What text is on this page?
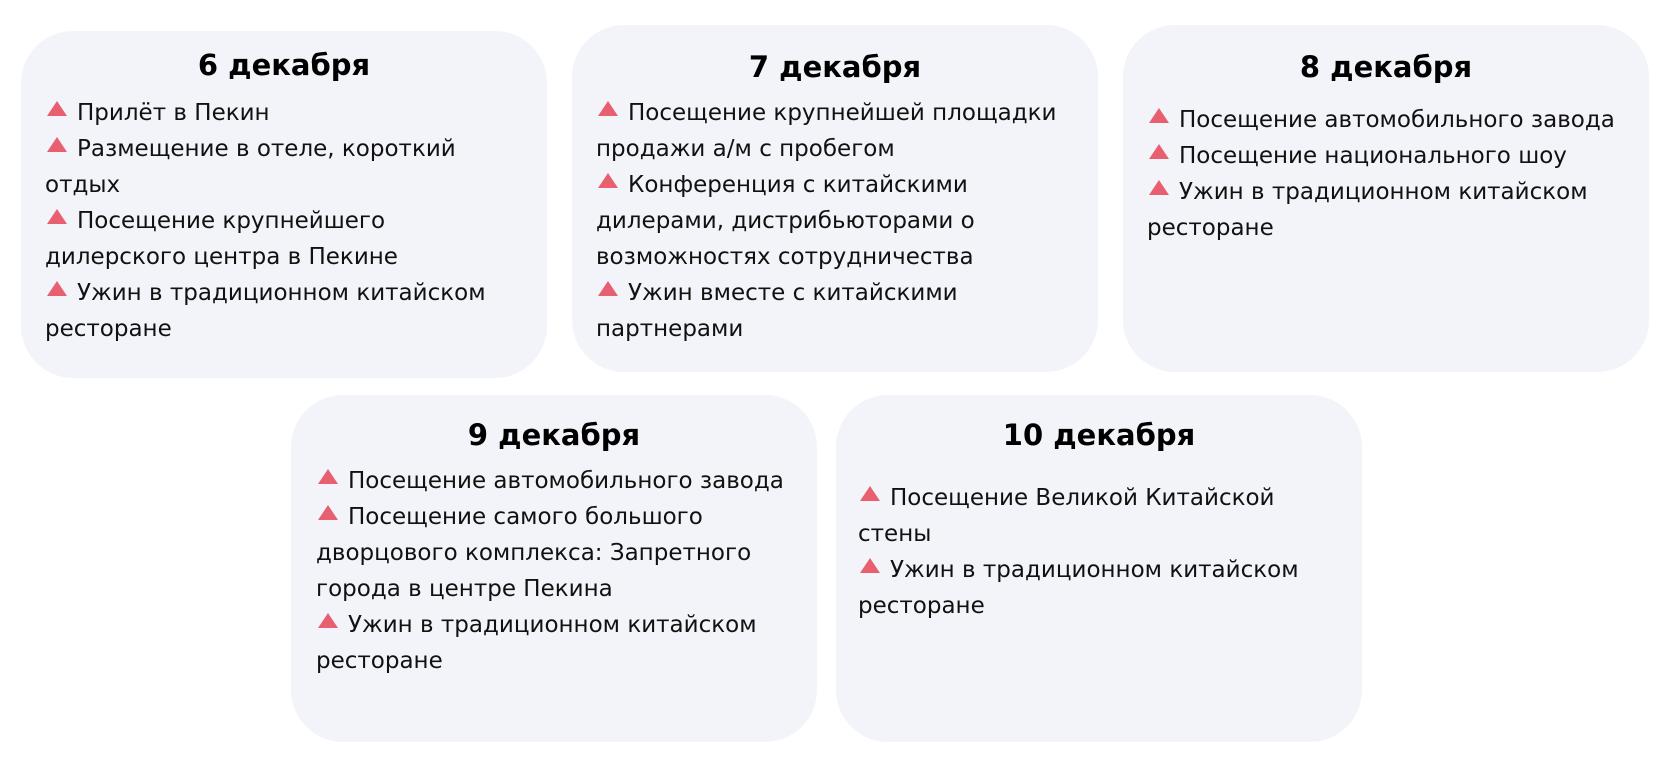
6 декабря
Прилёт в Пекин
Размещение в отеле, короткий отдых
Посещение крупнейшего дилерского центра в Пекине
Ужин в традиционном китайском ресторане
7 декабря
Посещение крупнейшей площадки продажи а/м с пробегом
Конференция с китайскими дилерами, дистрибьюторами о возможностях сотрудничества
Ужин вместе с китайскими партнерами
8 декабря
Посещение автомобильного завода
Посещение национального шоу
Ужин в традиционном китайском ресторане
9 декабря
Посещение автомобильного завода
Посещение самого большого дворцового комплекса: Запретного города в центре Пекина
Ужин в традиционном китайском ресторане
10 декабря
Посещение Великой Китайской стены
Ужин в традиционном китайском ресторане
